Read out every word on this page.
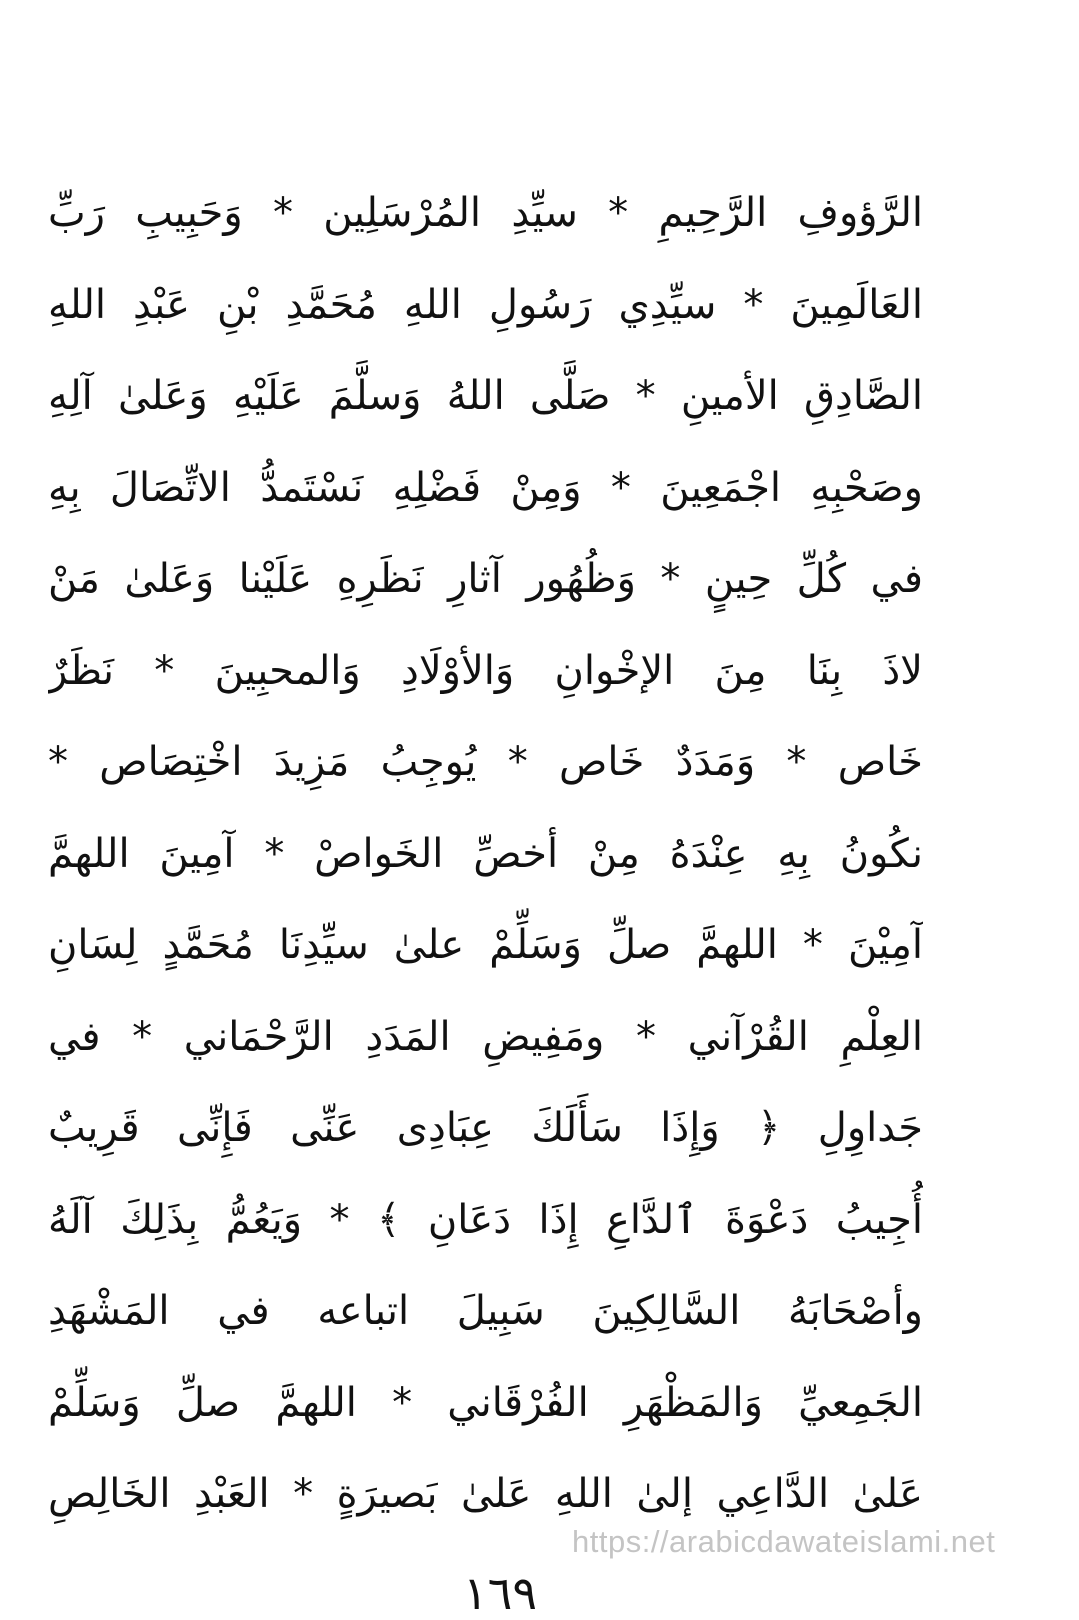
الرَّؤوفِ الرَّحِيمِ * سيِّدِ المُرْسَلِين * وَحَبِيبِ رَبِّ
العَالَمِينَ * سيِّدِي رَسُولِ اللهِ مُحَمَّدِ بْنِ عَبْدِ اللهِ
الصَّادِقِ الأمينِ * صَلَّى اللهُ وَسلَّمَ عَلَيْهِ وَعَلىٰ آلِهِ
وصَحْبِهِ اجْمَعِينَ * وَمِنْ فَضْلِهِ نَسْتَمدُّ الاتِّصَالَ بِهِ
في كُلِّ حِينٍ * وَظُهُور آثارِ نَظَرِهِ عَلَيْنا وَعَلىٰ مَنْ
لاذَ بِنَا مِنَ الإخْوانِ وَالأوْلَادِ وَالمحبِينَ * نَظَرٌ
خَاص * وَمَدَدٌ خَاص * يُوجِبُ مَزِيدَ اخْتِصَاص *
نكُونُ بِهِ عِنْدَهُ مِنْ أخصِّ الخَواصْ * آمِينَ اللهمَّ
آمِيْنَ * اللهمَّ صلِّ وَسَلِّمْ علىٰ سيِّدِنَا مُحَمَّدٍ لِسَانِ
العِلْمِ القُرْآني * ومَفِيضِ المَدَدِ الرَّحْمَاني * في
جَداوِلِ ﴿ وَإِذَا سَأَلَكَ عِبَادِى عَنِّى فَإِنِّى قَرِيبٌ
أُجِيبُ دَعْوَةَ ٱلدَّاعِ إِذَا دَعَانِ ﴾ * وَيَعُمُّ بِذَلِكَ آلَهُ
وأصْحَابَهُ السَّالِكِينَ سَبِيلَ اتباعه في المَشْهَدِ
الجَمِعيِّ وَالمَظْهَرِ الفُرْقَاني * اللهمَّ صلِّ وَسَلِّمْ
عَلىٰ الدَّاعِي إلىٰ اللهِ عَلىٰ بَصيرَةٍ * العَبْدِ الخَالِصِ
https://arabicdawateislami.net
١٦٩
